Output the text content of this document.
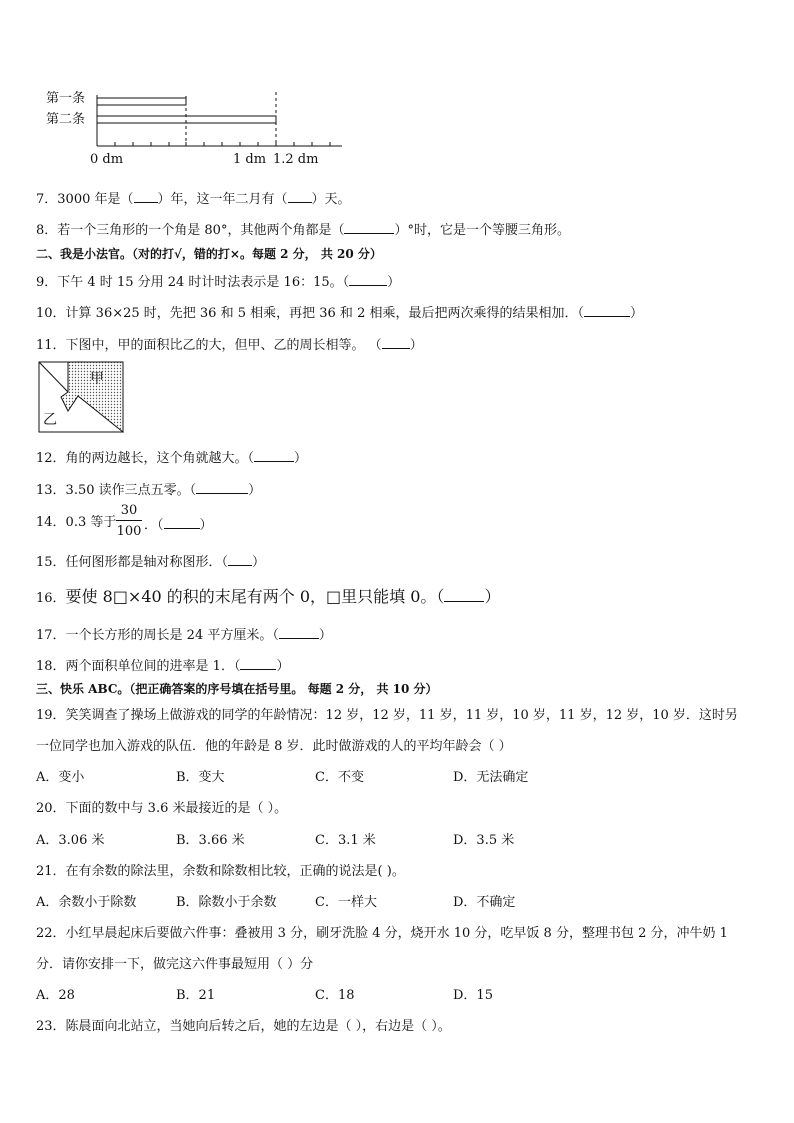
第一条
第二条
0 dm	1 dm 1.2 dm
7．3000 年是（ ）年，这一年二月有（ ）天。
8．若一个三角形的一个角是 80°，其他两个角都是（	）°时，它是一个等腰三角形。
二、我是小法官。（对的打√，错的打×。每题 2 分， 共 20 分）
9．下午 4 时 15 分用 24 时计时法表示是 16：15。（	）
10．计算 36×25 时，先把 36 和 5 相乘，再把 36 和 2 相乘，最后把两次乘得的结果相加．（	）
11．下图中，甲的面积比乙的大，但甲、乙的周长相等。 （ ）
甲
乙
12．角的两边越长，这个角就越大。（	）
13．3.50 读作三点五零。（	）
14．0.3 等于
30
100 ．（	）
15．任何图形都是轴对称图形．（ ）
16．要使 8□×40 的积的末尾有两个 0，□里只能填 0。（	）
17．一个长方形的周长是 24 平方厘米。（	）
18．两个面积单位间的进率是 1．（	）
三、快乐 ABC。（把正确答案的序号填在括号里。 每题 2 分， 共 10 分）
19．笑笑调查了操场上做游戏的同学的年龄情况：12 岁，12 岁，11 岁，11 岁，10 岁，11 岁，12 岁，10 岁．这时另
一位同学也加入游戏的队伍．他的年龄是 8 岁．此时做游戏的人的平均年龄会（ ）
A．变小	B．变大	C．不变	D．无法确定
20．下面的数中与 3.6 米最接近的是（ ）。
A．3.06 米	B．3.66 米	C．3.1 米	D．3.5 米
21．在有余数的除法里，余数和除数相比较，正确的说法是( )。
A．余数小于除数	B．除数小于余数	C．一样大	D．不确定
22．小红早晨起床后要做六件事：叠被用 3 分，刷牙洗脸 4 分，烧开水 10 分，吃早饭 8 分，整理书包 2 分，冲牛奶 1
分．请你安排一下，做完这六件事最短用（ ）分
A．28	B．21	C．18	D．15
23．陈晨面向北站立，当她向后转之后，她的左边是（ ），右边是（ ）。
